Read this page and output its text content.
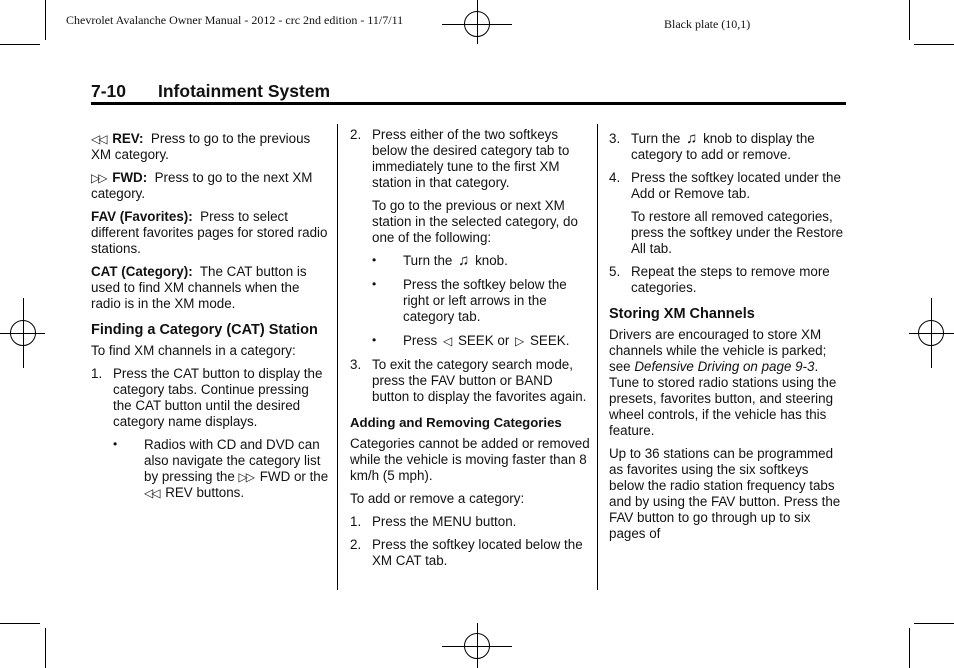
Chevrolet Avalanche Owner Manual - 2012 - crc 2nd edition - 11/7/11	Black plate (10,1)
7-10 Infotainment System

◁◁ REV: Press to go to the previous XM category.

▷▷ FWD: Press to go to the next XM category.

FAV (Favorites): Press to select different favorites pages for stored radio stations.

CAT (Category): The CAT button is used to find XM channels when the radio is in the XM mode.

Finding a Category (CAT) Station

To find XM channels in a category:

1. Press the CAT button to display the category tabs. Continue pressing the CAT button until the desired category name displays.
• Radios with CD and DVD can also navigate the category list by pressing the ▷▷ FWD or the ◁◁ REV buttons.
2. Press either of the two softkeys below the desired category tab to immediately tune to the first XM station in that category.

To go to the previous or next XM station in the selected category, do one of the following:

• Turn the ♫ knob.
• Press the softkey below the right or left arrows in the category tab.
• Press ◁ SEEK or ▷ SEEK.
3. To exit the category search mode, press the FAV button or BAND button to display the favorites again.
Adding and Removing Categories

Categories cannot be added or removed while the vehicle is moving faster than 8 km/h (5 mph).

To add or remove a category:

1. Press the MENU button.
2. Press the softkey located below the XM CAT tab.
3. Turn the ♫ knob to display the category to add or remove.
4. Press the softkey located under the Add or Remove tab.

To restore all removed categories, press the softkey under the Restore All tab.

5. Repeat the steps to remove more categories.
Storing XM Channels

Drivers are encouraged to store XM channels while the vehicle is parked; see Defensive Driving on page 9-3. Tune to stored radio stations using the presets, favorites button, and steering wheel controls, if the vehicle has this feature.

Up to 36 stations can be programmed as favorites using the six softkeys below the radio station frequency tabs and by using the FAV button. Press the FAV button to go through up to six pages of
